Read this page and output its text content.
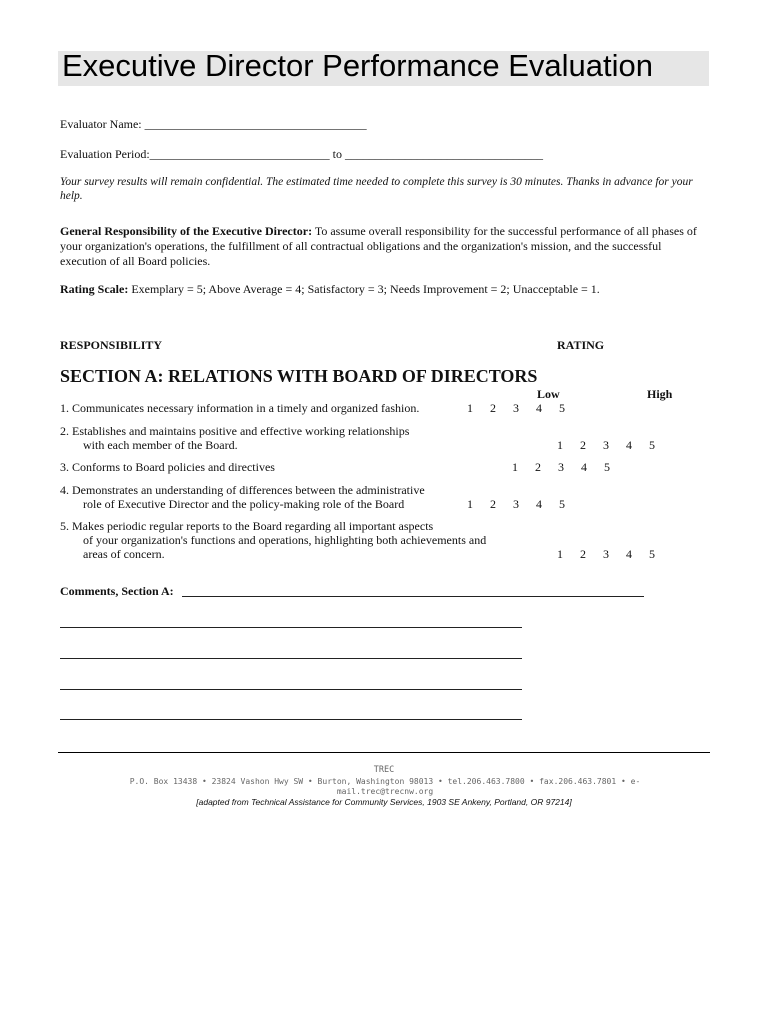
Executive Director Performance Evaluation
Evaluator Name: _____________________________________
Evaluation Period:______________________________ to _________________________________
Your survey results will remain confidential. The estimated time needed to complete this survey is 30 minutes. Thanks in advance for your help.
General Responsibility of the Executive Director: To assume overall responsibility for the successful performance of all phases of your organization's operations, the fulfillment of all contractual obligations and the organization's mission, and the successful execution of all Board policies.
Rating Scale: Exemplary = 5; Above Average = 4; Satisfactory = 3; Needs Improvement = 2; Unacceptable = 1.
RESPONSIBILITY	RATING
SECTION A: RELATIONS WITH BOARD OF DIRECTORS
Low	High
1. Communicates necessary information in a timely and organized fashion.	1 2 3 4 5
2. Establishes and maintains positive and effective working relationships
with each member of the Board.	1 2 3 4 5
3. Conforms to Board policies and directives	1 2 3 4 5
4. Demonstrates an understanding of differences between the administrative
role of Executive Director and the policy-making role of the Board	1 2 3 4 5
5. Makes periodic regular reports to the Board regarding all important aspects
of your organization's functions and operations, highlighting both achievements and
areas of concern.	1 2 3 4 5
Comments, Section A:
TREC
P.O. Box 13438 • 23824 Vashon Hwy SW • Burton, Washington 98013 • tel.206.463.7800 • fax.206.463.7801 • e-mail.trec@trecnw.org
[adapted from Technical Assistance for Community Services, 1903 SE Ankeny, Portland, OR 97214]
